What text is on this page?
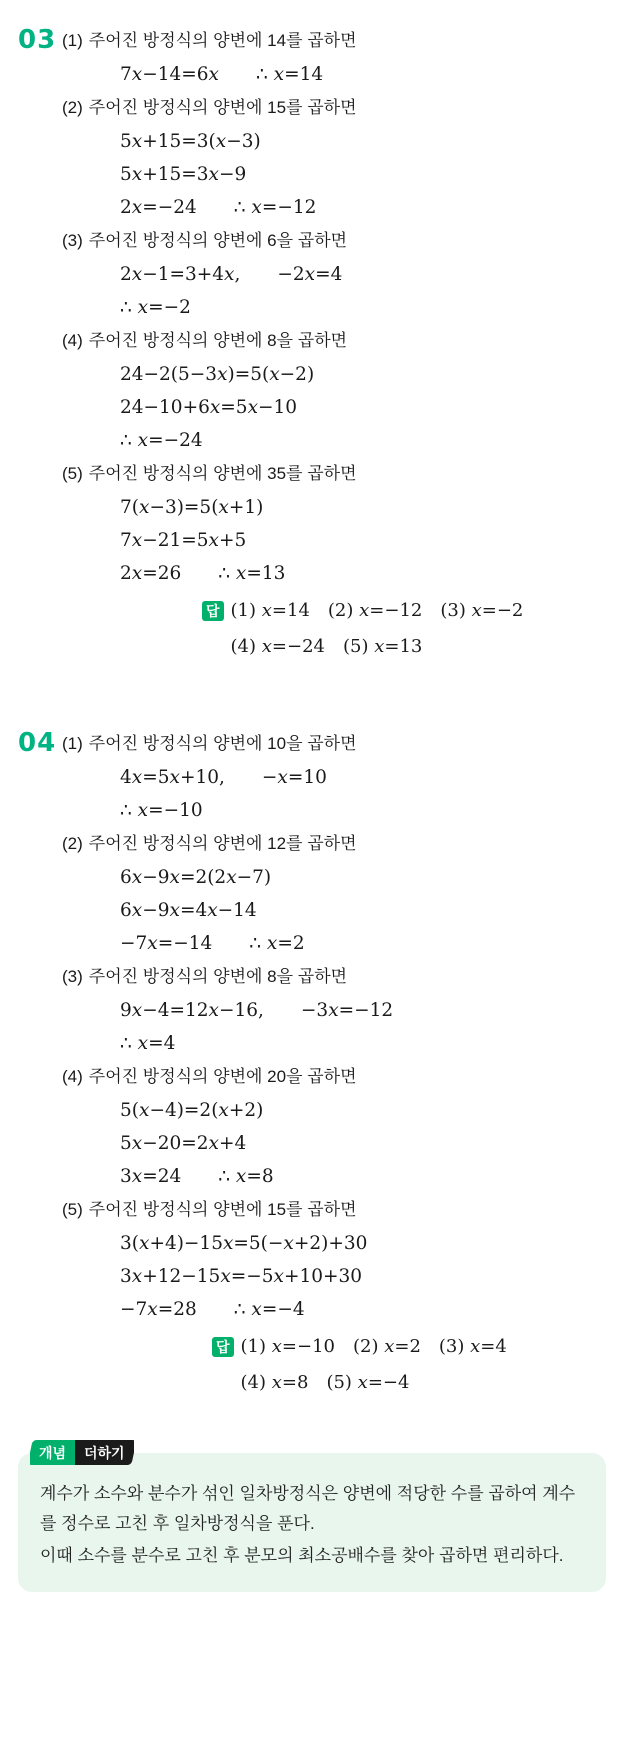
03 (1) 주어진 방정식의 양변에 14를 곱하면
7x−14=6x  ∴ x=14
(2) 주어진 방정식의 양변에 15를 곱하면
5x+15=3(x−3)
5x+15=3x−9
2x=−24  ∴ x=−12
(3) 주어진 방정식의 양변에 6을 곱하면
2x−1=3+4x,  −2x=4
∴ x=−2
(4) 주어진 방정식의 양변에 8을 곱하면
24−2(5−3x)=5(x−2)
24−10+6x=5x−10
∴ x=−24
(5) 주어진 방정식의 양변에 35를 곱하면
7(x−3)=5(x+1)
7x−21=5x+5
2x=26  ∴ x=13
답 (1) x=14 (2) x=−12 (3) x=−2
(4) x=−24 (5) x=13
04 (1) 주어진 방정식의 양변에 10을 곱하면
4x=5x+10,  −x=10
∴ x=−10
(2) 주어진 방정식의 양변에 12를 곱하면
6x−9x=2(2x−7)
6x−9x=4x−14
−7x=−14  ∴ x=2
(3) 주어진 방정식의 양변에 8을 곱하면
9x−4=12x−16,  −3x=−12
∴ x=4
(4) 주어진 방정식의 양변에 20을 곱하면
5(x−4)=2(x+2)
5x−20=2x+4
3x=24  ∴ x=8
(5) 주어진 방정식의 양변에 15를 곱하면
3(x+4)−15x=5(−x+2)+30
3x+12−15x=−5x+10+30
−7x=28  ∴ x=−4
답 (1) x=−10 (2) x=2 (3) x=4
(4) x=8 (5) x=−4
개념	더하기

계수가 소수와 분수가 섞인 일차방정식은 양변에 적당한 수를 곱하여 계수를 정수로 고친 후 일차방정식을 푼다.

이때 소수를 분수로 고친 후 분모의 최소공배수를 찾아 곱하면 편리하다.
